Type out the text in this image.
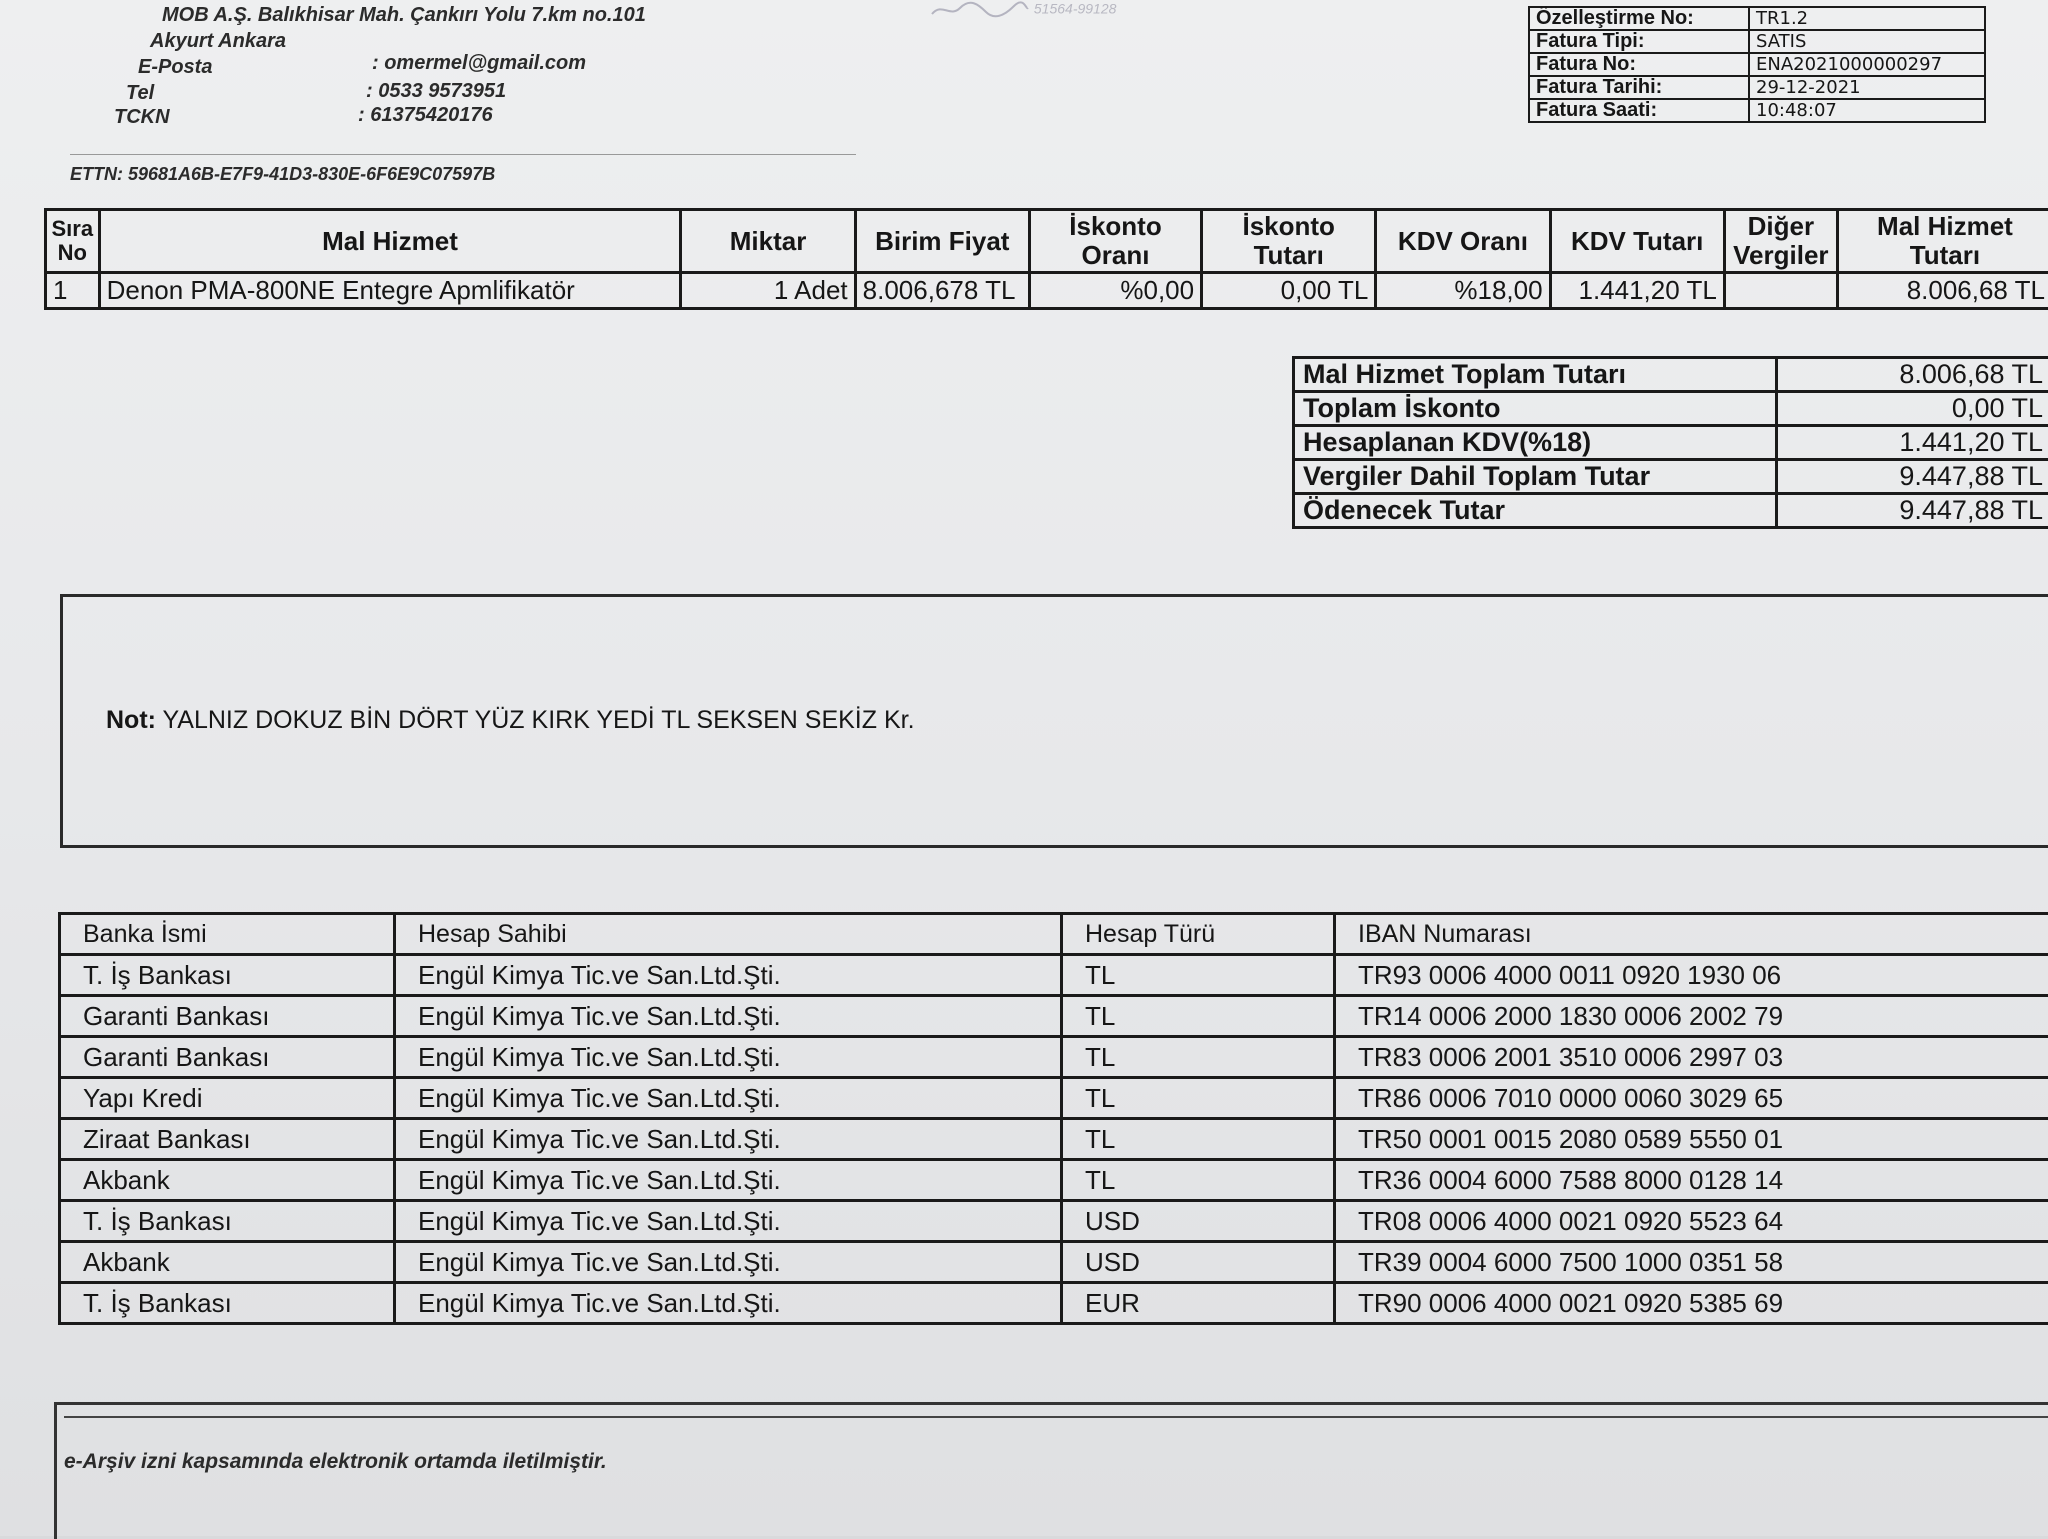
MOB A.Ş. Balıkhisar Mah. Çankırı Yolu 7.km no.101
Akyurt Ankara
E-Posta	: omermel@gmail.com
Tel	: 0533 9573951
TCKN	: 61375420176
51564-99128	Özelleştirme No:	TR1.2
Fatura Tipi:	SATIS
Fatura No:	ENA2021000000297
Fatura Tarihi:	29-12-2021
Fatura Saati:	10:48:07
ETTN: 59681A6B-E7F9-41D3-830E-6F6E9C07597B
Sıra No	Mal Hizmet	Miktar	Birim Fiyat	İskonto Oranı	İskonto Tutarı	KDV Oranı	KDV Tutarı	Diğer Vergiler	Mal Hizmet Tutarı
1	Denon PMA-800NE Entegre Apmlifikatör	1 Adet	8.006,678 TL	%0,00	0,00 TL	%18,00	1.441,20 TL		8.006,68 TL
Mal Hizmet Toplam Tutarı	8.006,68 TL
Toplam İskonto	0,00 TL
Hesaplanan KDV(%18)	1.441,20 TL
Vergiler Dahil Toplam Tutar	9.447,88 TL
Ödenecek Tutar	9.447,88 TL
Not: YALNIZ DOKUZ BİN DÖRT YÜZ KIRK YEDİ TL SEKSEN SEKİZ Kr.
Banka İsmi	Hesap Sahibi	Hesap Türü	IBAN Numarası
T. İş Bankası	Engül Kimya Tic.ve San.Ltd.Şti.	TL	TR93 0006 4000 0011 0920 1930 06
Garanti Bankası	Engül Kimya Tic.ve San.Ltd.Şti.	TL	TR14 0006 2000 1830 0006 2002 79
Garanti Bankası	Engül Kimya Tic.ve San.Ltd.Şti.	TL	TR83 0006 2001 3510 0006 2997 03
Yapı Kredi	Engül Kimya Tic.ve San.Ltd.Şti.	TL	TR86 0006 7010 0000 0060 3029 65
Ziraat Bankası	Engül Kimya Tic.ve San.Ltd.Şti.	TL	TR50 0001 0015 2080 0589 5550 01
Akbank	Engül Kimya Tic.ve San.Ltd.Şti.	TL	TR36 0004 6000 7588 8000 0128 14
T. İş Bankası	Engül Kimya Tic.ve San.Ltd.Şti.	USD	TR08 0006 4000 0021 0920 5523 64
Akbank	Engül Kimya Tic.ve San.Ltd.Şti.	USD	TR39 0004 6000 7500 1000 0351 58
T. İş Bankası	Engül Kimya Tic.ve San.Ltd.Şti.	EUR	TR90 0006 4000 0021 0920 5385 69
e-Arşiv izni kapsamında elektronik ortamda iletilmiştir.
